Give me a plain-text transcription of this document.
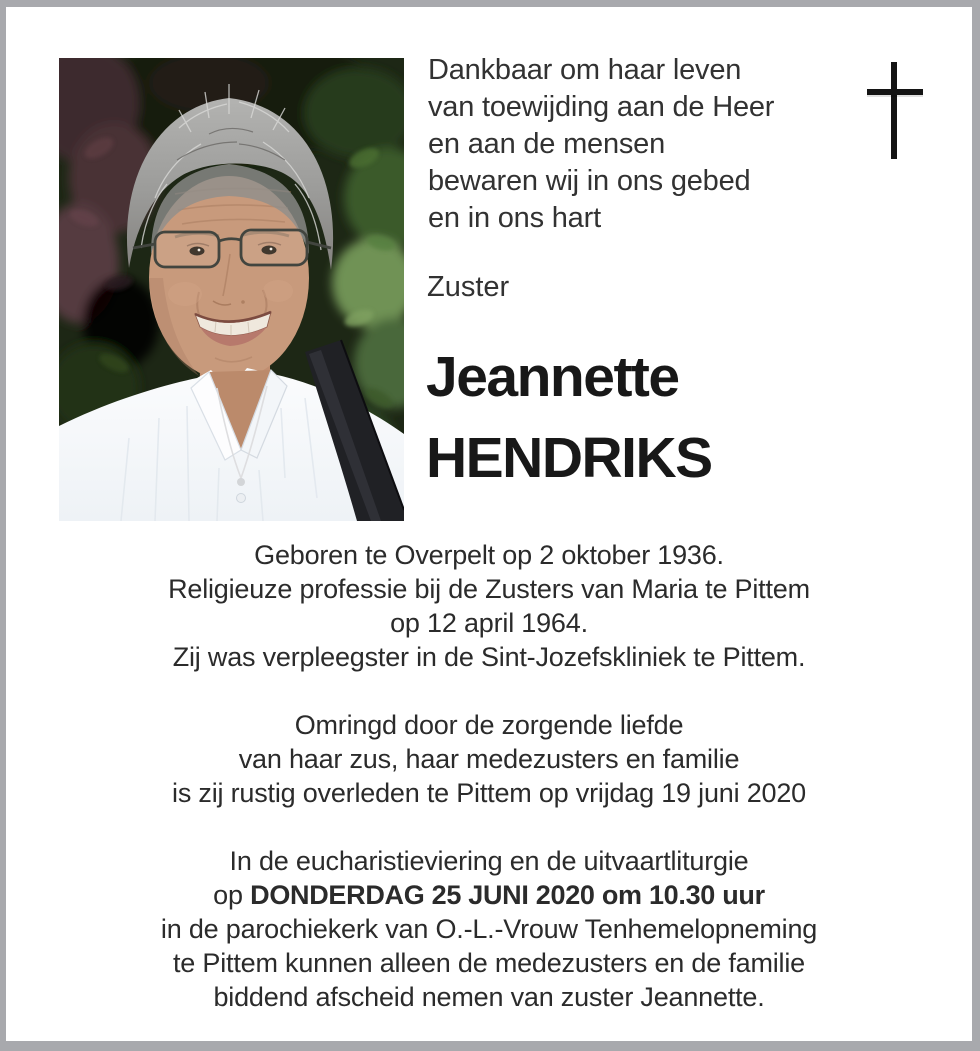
Dankbaar om haar leven
van toewijding aan de Heer
en aan de mensen
bewaren wij in ons gebed
en in ons hart
Zuster
Jeannette
HENDRIKS
Geboren te Overpelt op 2 oktober 1936.
Religieuze professie bij de Zusters van Maria te Pittem
op 12 april 1964.
Zij was verpleegster in de Sint-Jozefskliniek te Pittem.
Omringd door de zorgende liefde
van haar zus, haar medezusters en familie
is zij rustig overleden te Pittem op vrijdag 19 juni 2020
In de eucharistieviering en de uitvaartliturgie
op DONDERDAG 25 JUNI 2020 om 10.30 uur
in de parochiekerk van O.-L.-Vrouw Tenhemelopneming
te Pittem kunnen alleen de medezusters en de familie
biddend afscheid nemen van zuster Jeannette.
